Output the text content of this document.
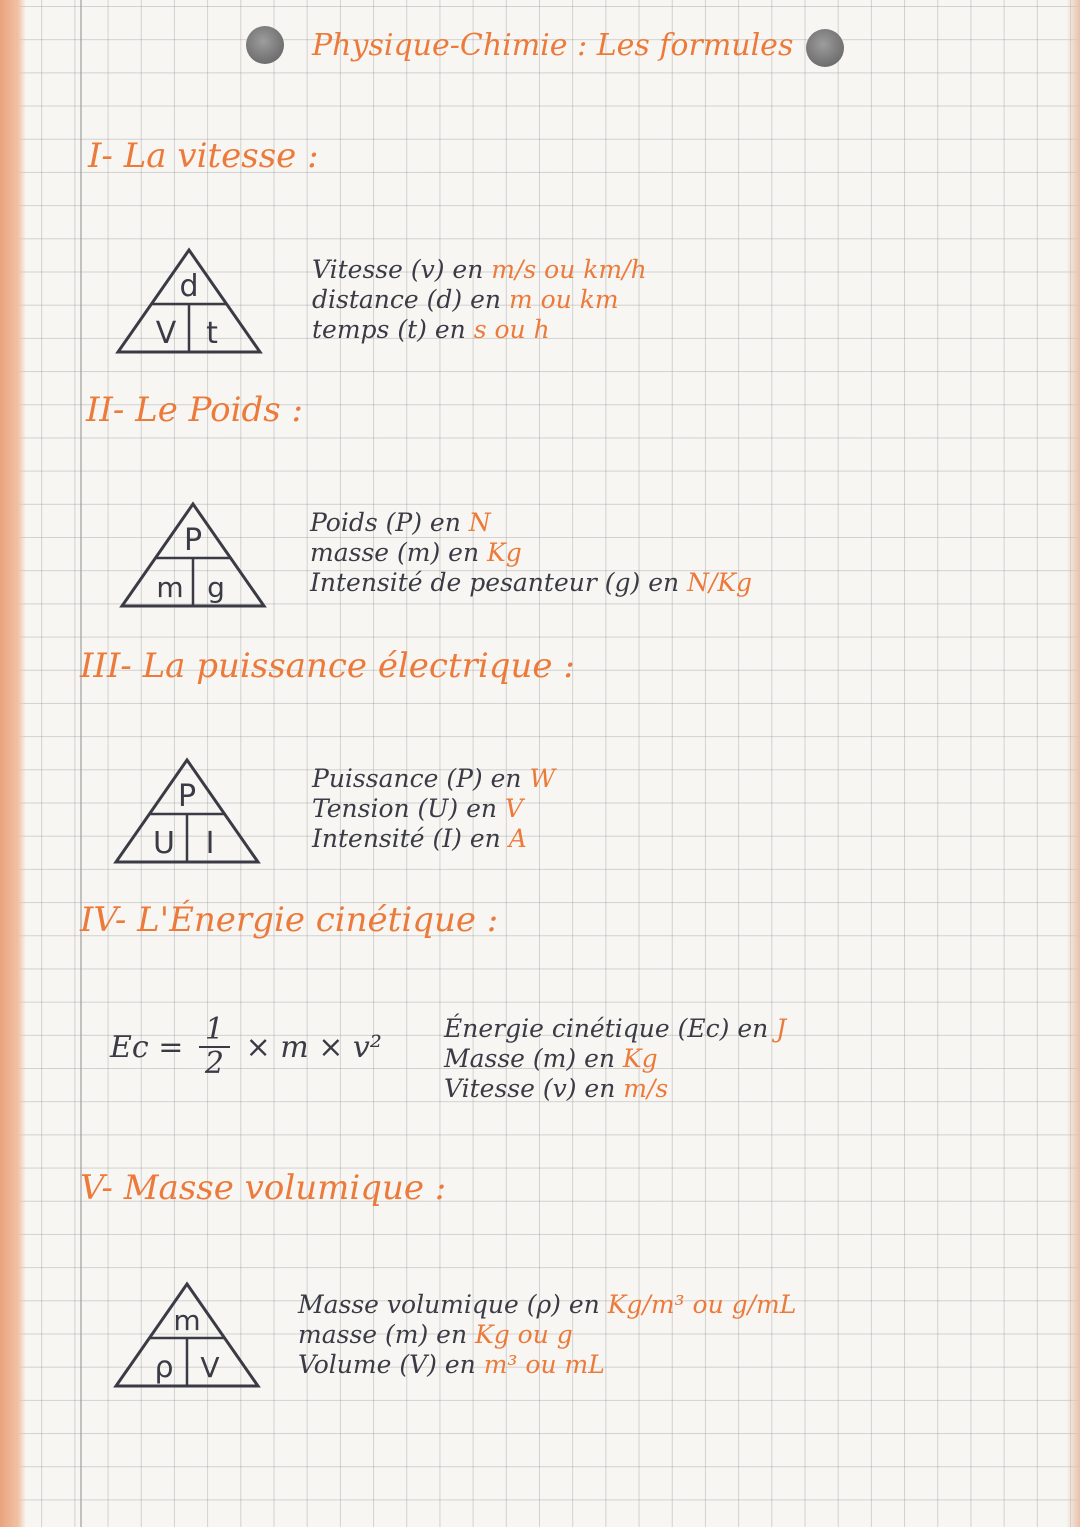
Physique-Chimie : Les formules
I- La vitesse :
d
V t
Vitesse (v) en m/s ou km/h
distance (d) en m ou km
temps (t) en s ou h
II- Le Poids :
P
m g
Poids (P) en N
masse (m) en Kg
Intensité de pesanteur (g) en N/Kg
III- La puissance électrique :
P
U I
Puissance (P) en W
Tension (U) en V
Intensité (I) en A
IV- L'Énergie cinétique :
$Ec = \frac{1}{2} \times m \times v^2$
Énergie cinétique (Ec) en J
Masse (m) en Kg
Vitesse (v) en m/s
V- Masse volumique :
m
ρ V
Masse volumique (ρ) en Kg/m³ ou g/mL
masse (m) en Kg ou g
Volume (V) en m³ ou mL
